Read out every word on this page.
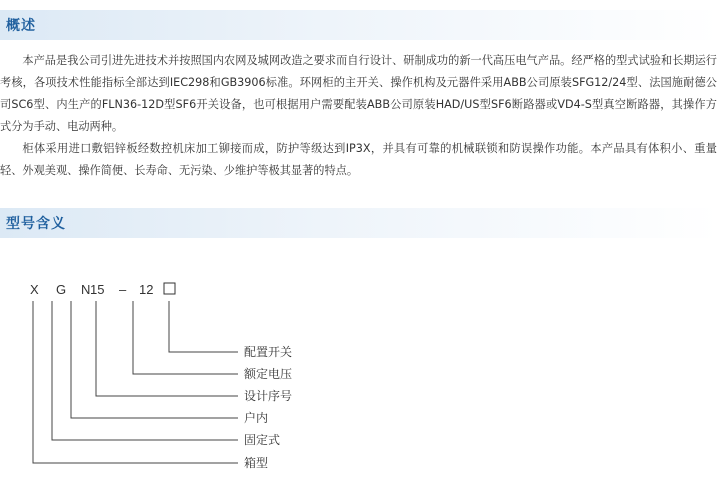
概述

本产品是我公司引进先进技术并按照国内农网及城网改造之要求而自行设计、研制成功的新一代高压电气产品。经严格的型式试验和长期运行考核，各项技术性能指标全部达到IEC298和GB3906标准。环网柜的主开关、操作机构及元器件采用ABB公司原装SFG12/24型、法国施耐德公司SC6型、内生产的FLN36-12D型SF6开关设备，也可根据用户需要配装ABB公司原装HAD/US型SF6断路器或VD4-S型真空断路器，其操作方式分为手动、电动两种。

柜体采用进口敷铝锌板经数控机床加工铆接而成，防护等级达到IP3X，并具有可靠的机械联锁和防误操作功能。本产品具有体积小、重量轻、外观美观、操作简便、长寿命、无污染、少维护等极其显著的特点。

型号含义
X G N 15 – 12
配置开关
额定电压
设计序号
户内
固定式
箱型
